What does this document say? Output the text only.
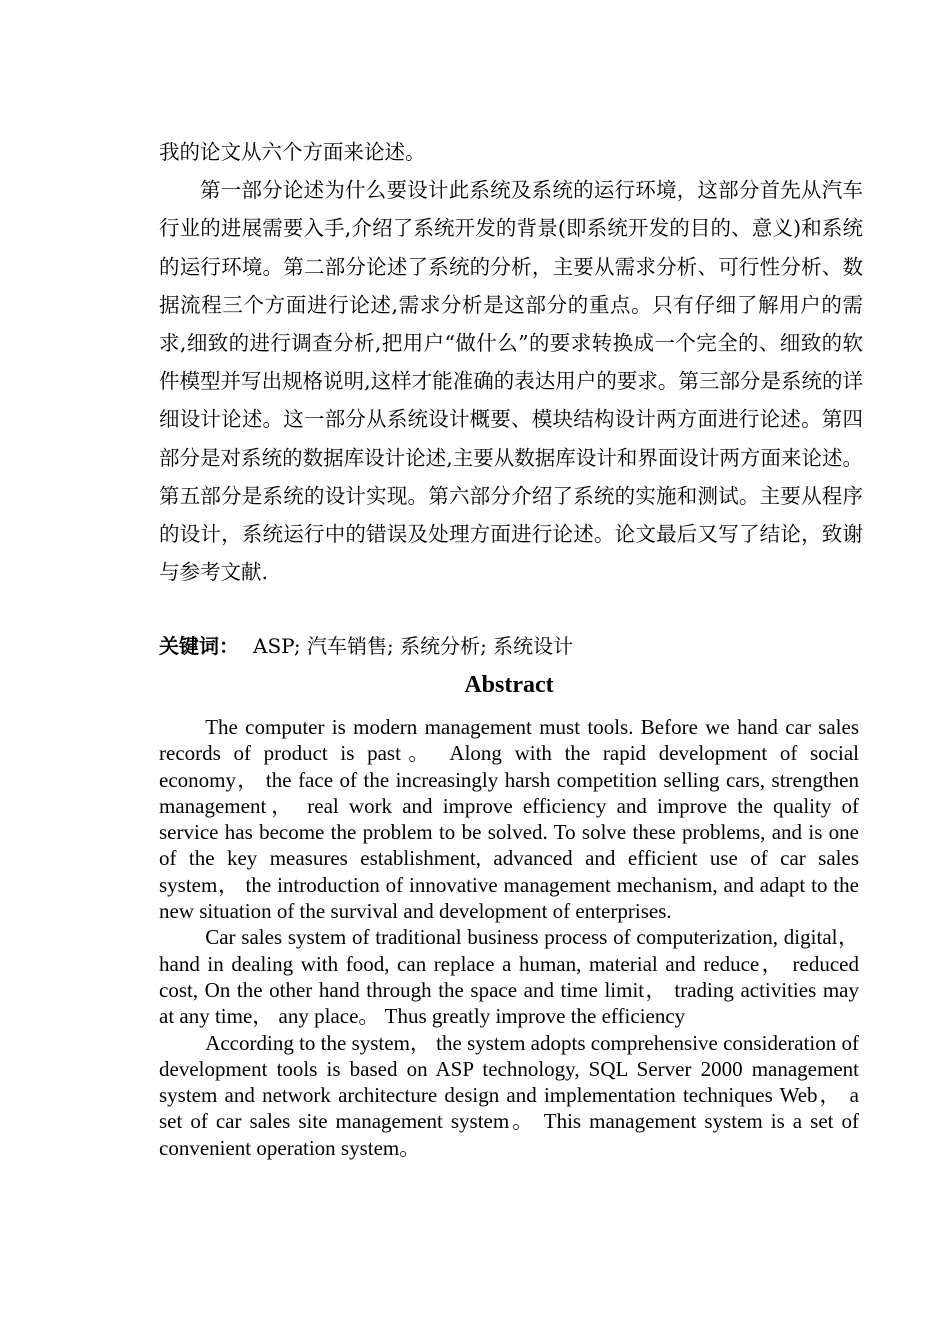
我的论文从六个方面来论述。

第一部分论述为什么要设计此系统及系统的运行环境，这部分首先从汽车行业的进展需要入手,介绍了系统开发的背景(即系统开发的目的、意义)和系统的运行环境。第二部分论述了系统的分析，主要从需求分析、可行性分析、数据流程三个方面进行论述,需求分析是这部分的重点。只有仔细了解用户的需求,细致的进行调查分析,把用户“做什么”的要求转换成一个完全的、细致的软件模型并写出规格说明,这样才能准确的表达用户的要求。第三部分是系统的详细设计论述。这一部分从系统设计概要、模块结构设计两方面进行论述。第四部分是对系统的数据库设计论述,主要从数据库设计和界面设计两方面来论述。第五部分是系统的设计实现。第六部分介绍了系统的实施和测试。主要从程序的设计，系统运行中的错误及处理方面进行论述。论文最后又写了结论，致谢与参考文献.

关键词： ASP; 汽车销售; 系统分析; 系统设计
Abstract

The computer is modern management must tools. Before we hand car sales records of product is past。 Along with the rapid development of social economy， the face of the increasingly harsh competition selling cars, strengthen management， real work and improve efficiency and improve the quality of service has become the problem to be solved. To solve these problems, and is one of the key measures establishment, advanced and efficient use of car sales system， the introduction of innovative management mechanism, and adapt to the new situation of the survival and development of enterprises.

Car sales system of traditional business process of computerization, digital， hand in dealing with food, can replace a human, material and reduce， reduced cost, On the other hand through the space and time limit， trading activities may at any time， any place。 Thus greatly improve the efficiency

According to the system， the system adopts comprehensive consideration of development tools is based on ASP technology, SQL Server 2000 management system and network architecture design and implementation techniques Web， a set of car sales site management system。 This management system is a set of convenient operation system。
